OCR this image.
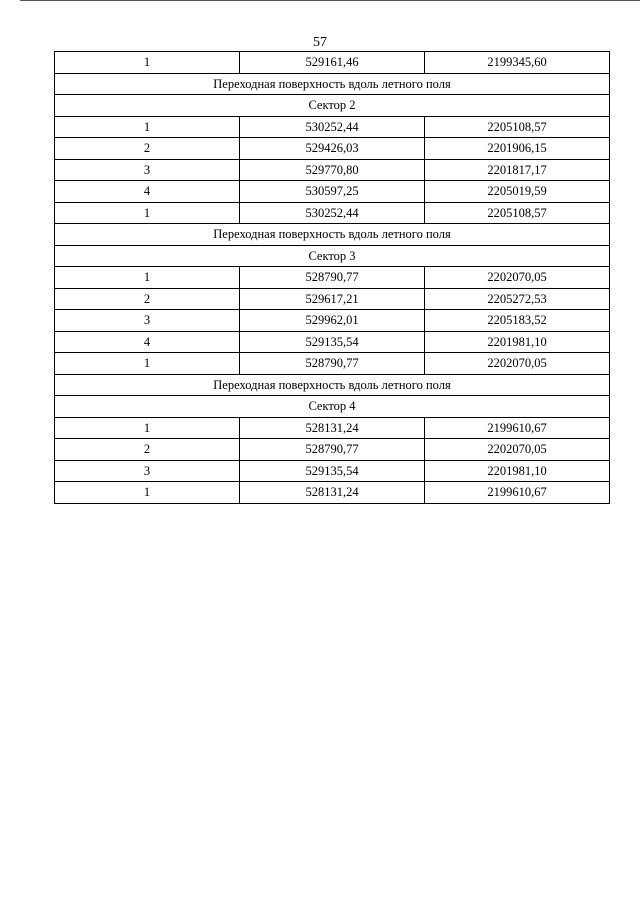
57
1	529161,46	2199345,60
Переходная поверхность вдоль летного поля		
Сектор 2		
1	530252,44	2205108,57
2	529426,03	2201906,15
3	529770,80	2201817,17
4	530597,25	2205019,59
1	530252,44	2205108,57
Переходная поверхность вдоль летного поля		
Сектор 3		
1	528790,77	2202070,05
2	529617,21	2205272,53
3	529962,01	2205183,52
4	529135,54	2201981,10
1	528790,77	2202070,05
Переходная поверхность вдоль летного поля		
Сектор 4		
1	528131,24	2199610,67
2	528790,77	2202070,05
3	529135,54	2201981,10
1	528131,24	2199610,67
